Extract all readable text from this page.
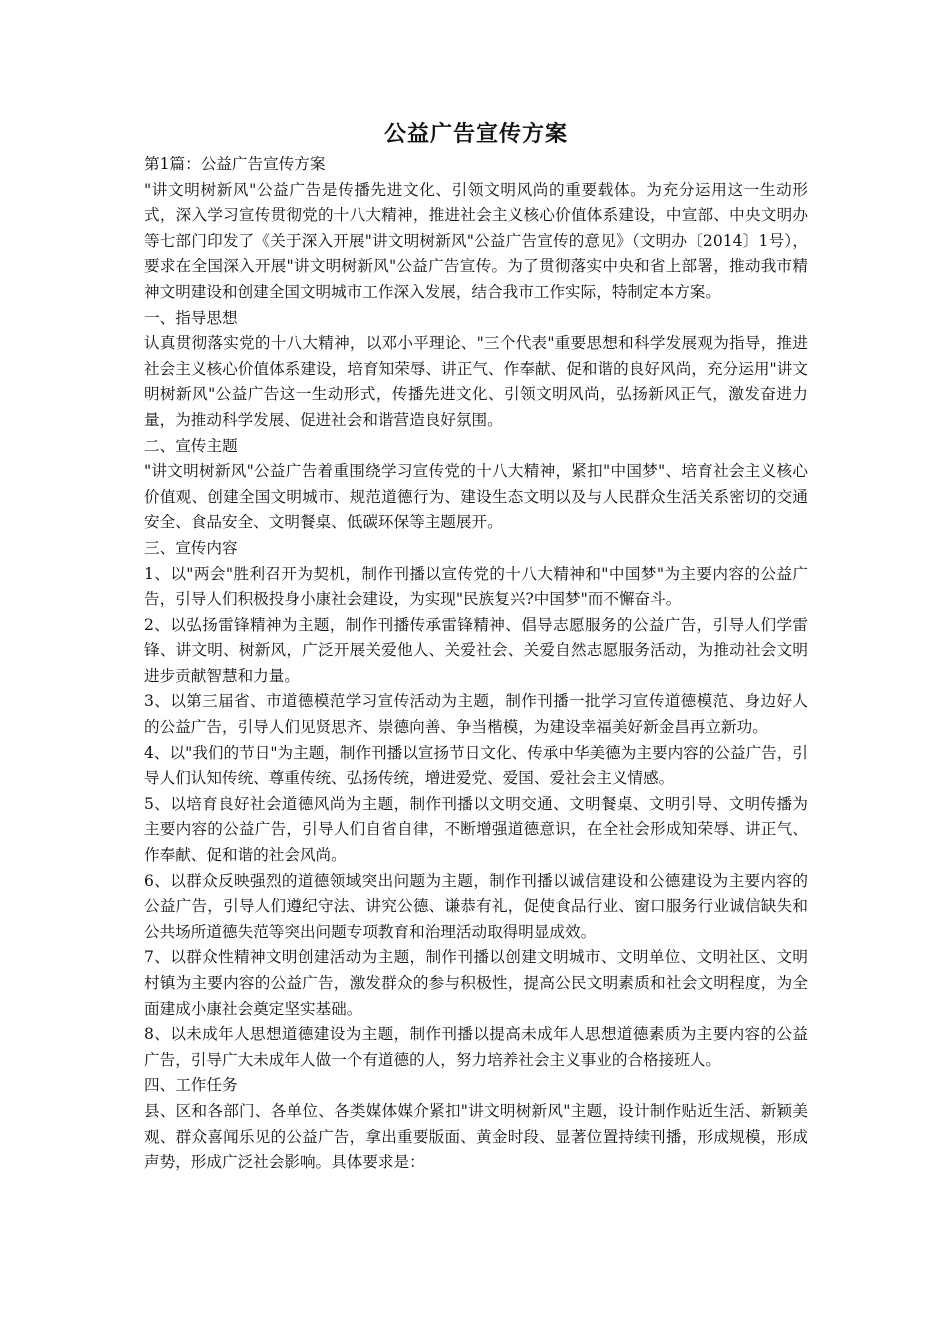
公益广告宣传方案

第1篇：公益广告宣传方案

"讲文明树新风"公益广告是传播先进文化、引领文明风尚的重要载体。为充分运用这一生动形式，深入学习宣传贯彻党的十八大精神，推进社会主义核心价值体系建设，中宣部、中央文明办等七部门印发了《关于深入开展"讲文明树新风"公益广告宣传的意见》（文明办〔2014〕1号），要求在全国深入开展"讲文明树新风"公益广告宣传。为了贯彻落实中央和省上部署，推动我市精神文明建设和创建全国文明城市工作深入发展，结合我市工作实际，特制定本方案。

一、指导思想

认真贯彻落实党的十八大精神，以邓小平理论、"三个代表"重要思想和科学发展观为指导，推进社会主义核心价值体系建设，培育知荣辱、讲正气、作奉献、促和谐的良好风尚，充分运用"讲文明树新风"公益广告这一生动形式，传播先进文化、引领文明风尚，弘扬新风正气，激发奋进力量，为推动科学发展、促进社会和谐营造良好氛围。

二、宣传主题

"讲文明树新风"公益广告着重围绕学习宣传党的十八大精神，紧扣"中国梦"、培育社会主义核心价值观、创建全国文明城市、规范道德行为、建设生态文明以及与人民群众生活关系密切的交通安全、食品安全、文明餐桌、低碳环保等主题展开。

三、宣传内容

1、以"两会"胜利召开为契机，制作刊播以宣传党的十八大精神和"中国梦"为主要内容的公益广告，引导人们积极投身小康社会建设，为实现"民族复兴?中国梦"而不懈奋斗。

2、以弘扬雷锋精神为主题，制作刊播传承雷锋精神、倡导志愿服务的公益广告，引导人们学雷锋、讲文明、树新风，广泛开展关爱他人、关爱社会、关爱自然志愿服务活动，为推动社会文明进步贡献智慧和力量。

3、以第三届省、市道德模范学习宣传活动为主题，制作刊播一批学习宣传道德模范、身边好人的公益广告，引导人们见贤思齐、崇德向善、争当楷模，为建设幸福美好新金昌再立新功。

4、以"我们的节日"为主题，制作刊播以宣扬节日文化、传承中华美德为主要内容的公益广告，引导人们认知传统、尊重传统、弘扬传统，增进爱党、爱国、爱社会主义情感。

5、以培育良好社会道德风尚为主题，制作刊播以文明交通、文明餐桌、文明引导、文明传播为主要内容的公益广告，引导人们自省自律，不断增强道德意识，在全社会形成知荣辱、讲正气、作奉献、促和谐的社会风尚。

6、以群众反映强烈的道德领域突出问题为主题，制作刊播以诚信建设和公德建设为主要内容的公益广告，引导人们遵纪守法、讲究公德、谦恭有礼，促使食品行业、窗口服务行业诚信缺失和公共场所道德失范等突出问题专项教育和治理活动取得明显成效。

7、以群众性精神文明创建活动为主题，制作刊播以创建文明城市、文明单位、文明社区、文明村镇为主要内容的公益广告，激发群众的参与积极性，提高公民文明素质和社会文明程度，为全面建成小康社会奠定坚实基础。

8、以未成年人思想道德建设为主题，制作刊播以提高未成年人思想道德素质为主要内容的公益广告，引导广大未成年人做一个有道德的人，努力培养社会主义事业的合格接班人。

四、工作任务

县、区和各部门、各单位、各类媒体媒介紧扣"讲文明树新风"主题，设计制作贴近生活、新颖美观、群众喜闻乐见的公益广告，拿出重要版面、黄金时段、显著位置持续刊播，形成规模，形成声势，形成广泛社会影响。具体要求是：
